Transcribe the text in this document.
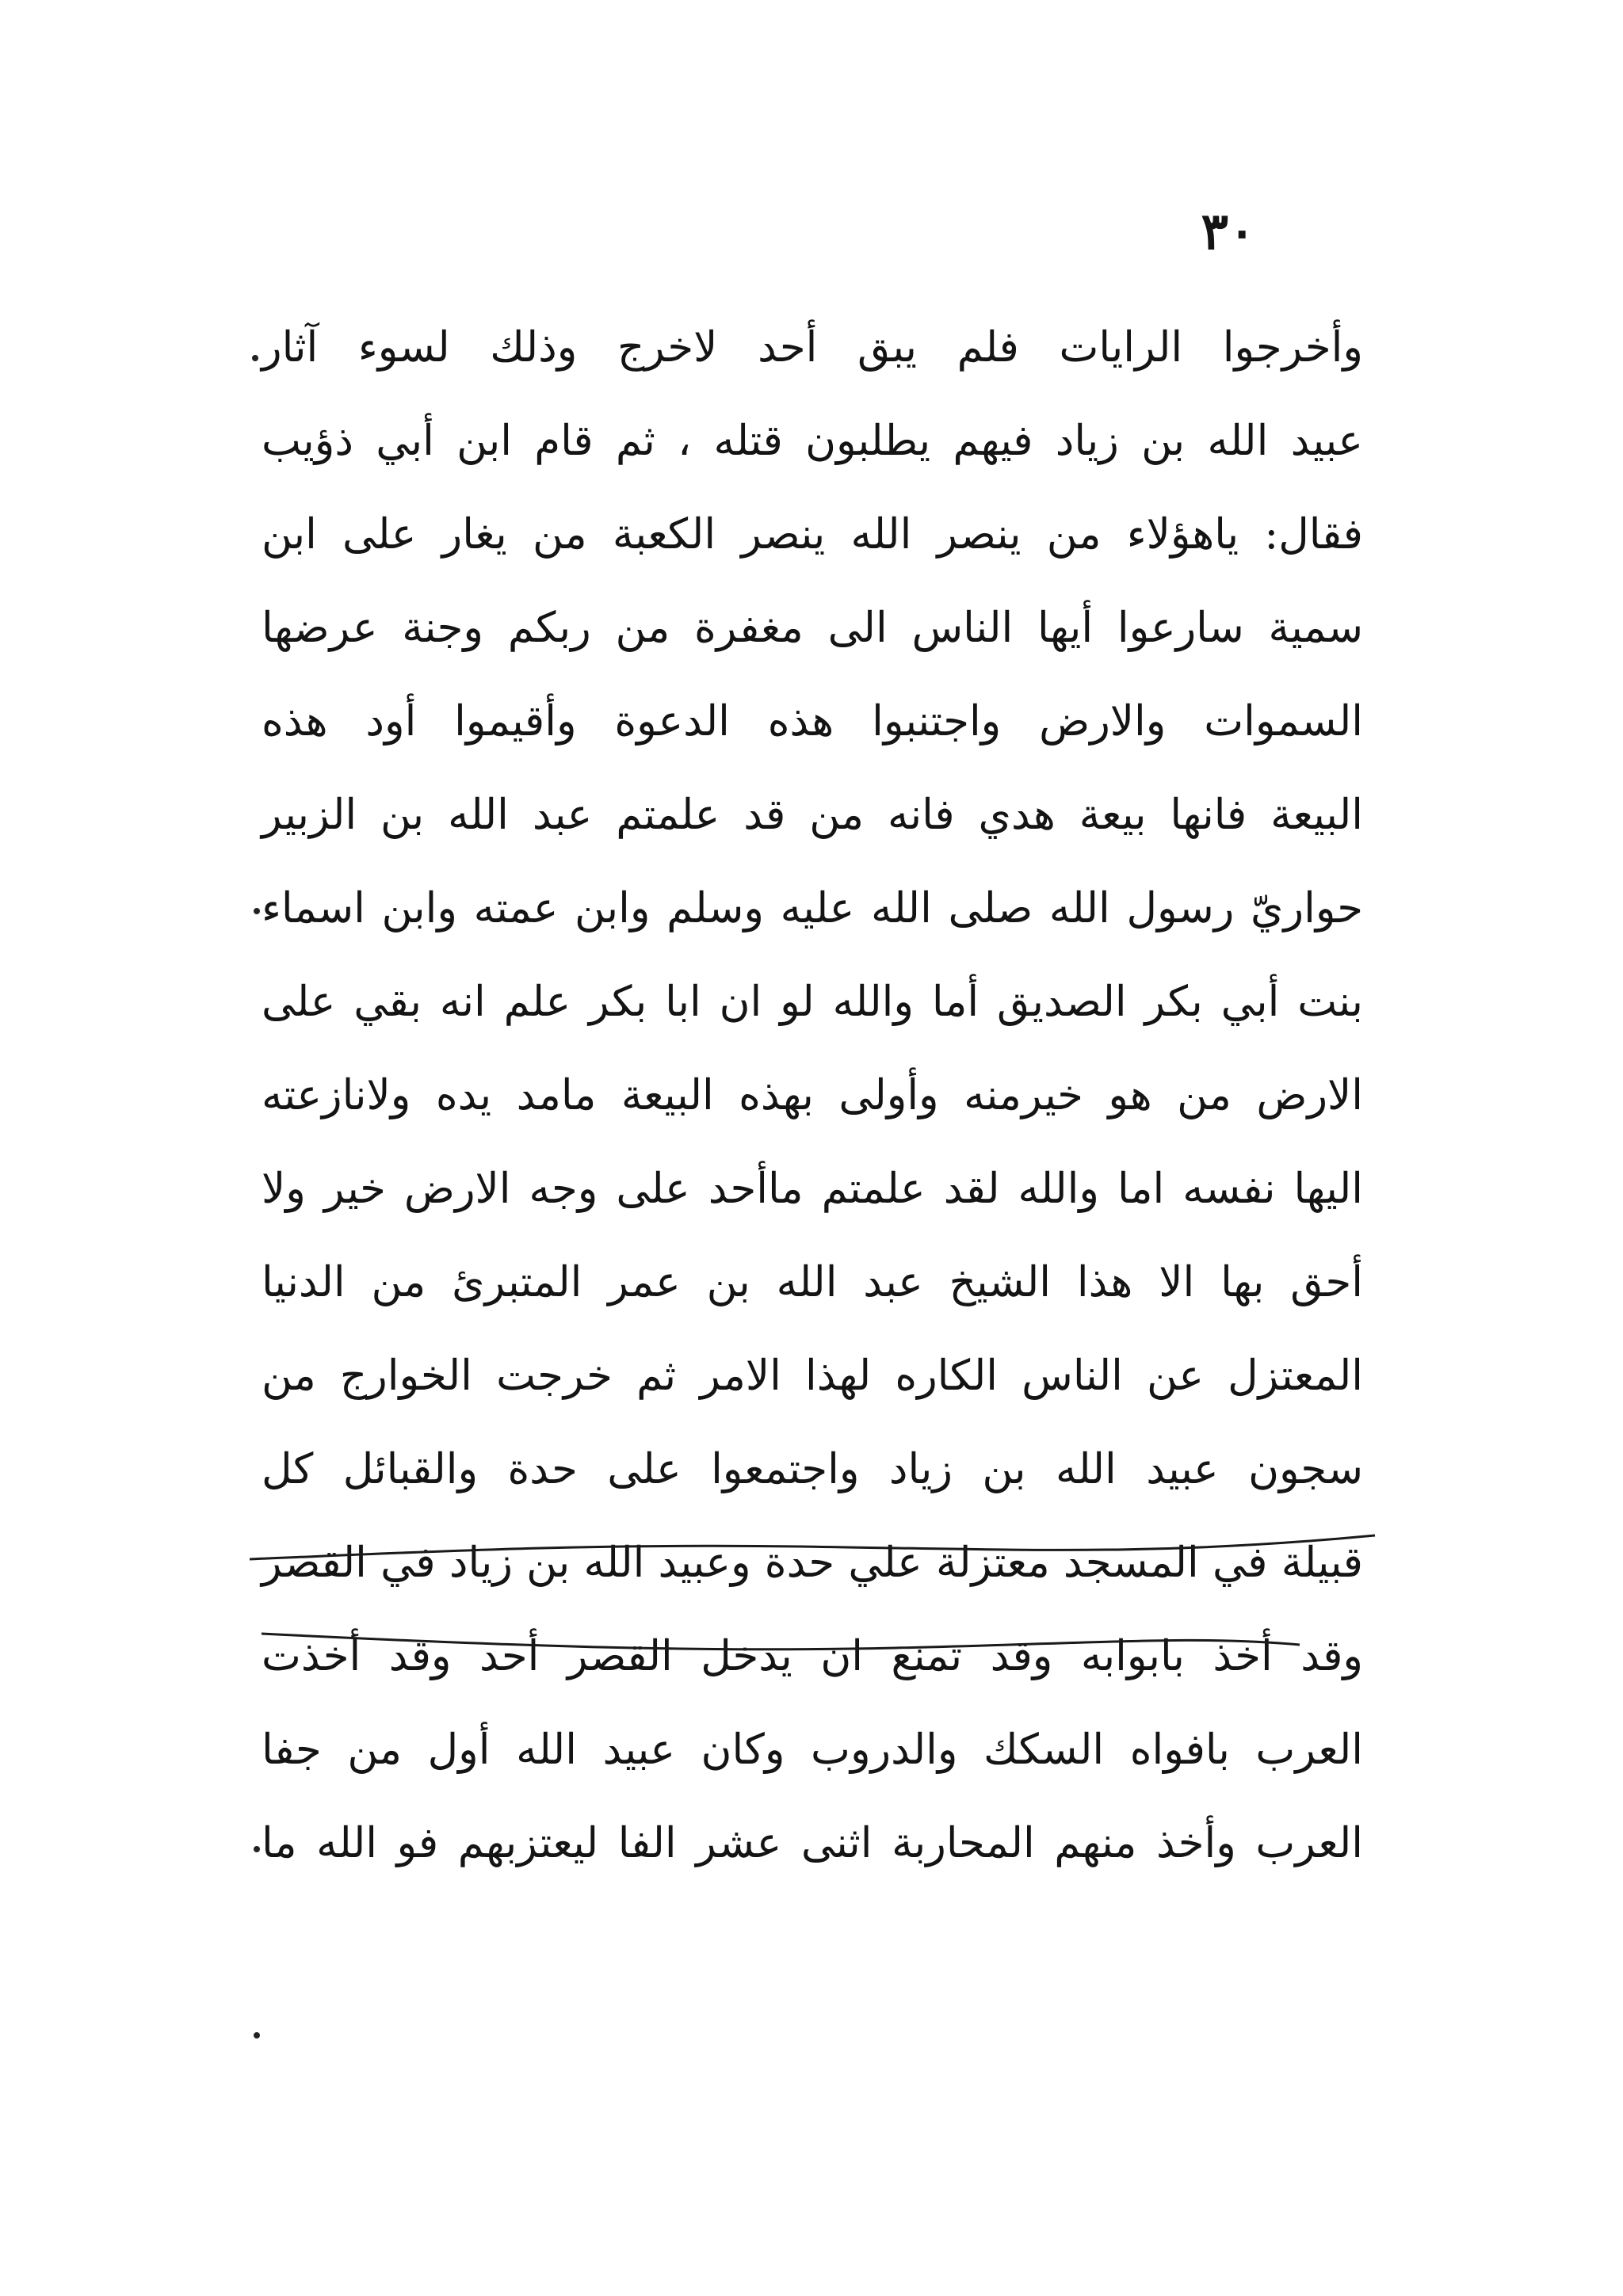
٣٠
وأخرجوا الرايات فلم يبق أحد لاخرج وذلك لسوء آثار
عبيد الله بن زياد فيهم يطلبون قتله ، ثم قام ابن أبي ذؤيب
فقال: ياهؤلاء من ينصر الله ينصر الكعبة من يغار على ابن
سمية سارعوا أيها الناس الى مغفرة من ربكم وجنة عرضها
السموات والارض واجتنبوا هذه الدعوة وأقيموا أود هذه
البيعة فانها بيعة هدي فانه من قد علمتم عبد الله بن الزبير
حواريّ رسول الله صلى الله عليه وسلم وابن عمته وابن اسماء
بنت أبي بكر الصديق أما والله لو ان ابا بكر علم انه بقي على
الارض من هو خيرمنه وأولى بهذه البيعة مامد يده ولانازعته
اليها نفسه اما والله لقد علمتم ماأحد على وجه الارض خير ولا
أحق بها الا هذا الشيخ عبد الله بن عمر المتبرئ من الدنيا
المعتزل عن الناس الكاره لهذا الامر ثم خرجت الخوارج من
سجون عبيد الله بن زياد واجتمعوا على حدة والقبائل كل
قبيلة في المسجد معتزلة علي حدة وعبيد الله بن زياد في القصر
وقد أخذ بابوابه وقد تمنع ان يدخل القصر أحد وقد أخذت
العرب بافواه السكك والدروب وكان عبيد الله أول من جفا
العرب وأخذ منهم المحاربة اثنى عشر الفا ليعتزبهم فو الله ما
